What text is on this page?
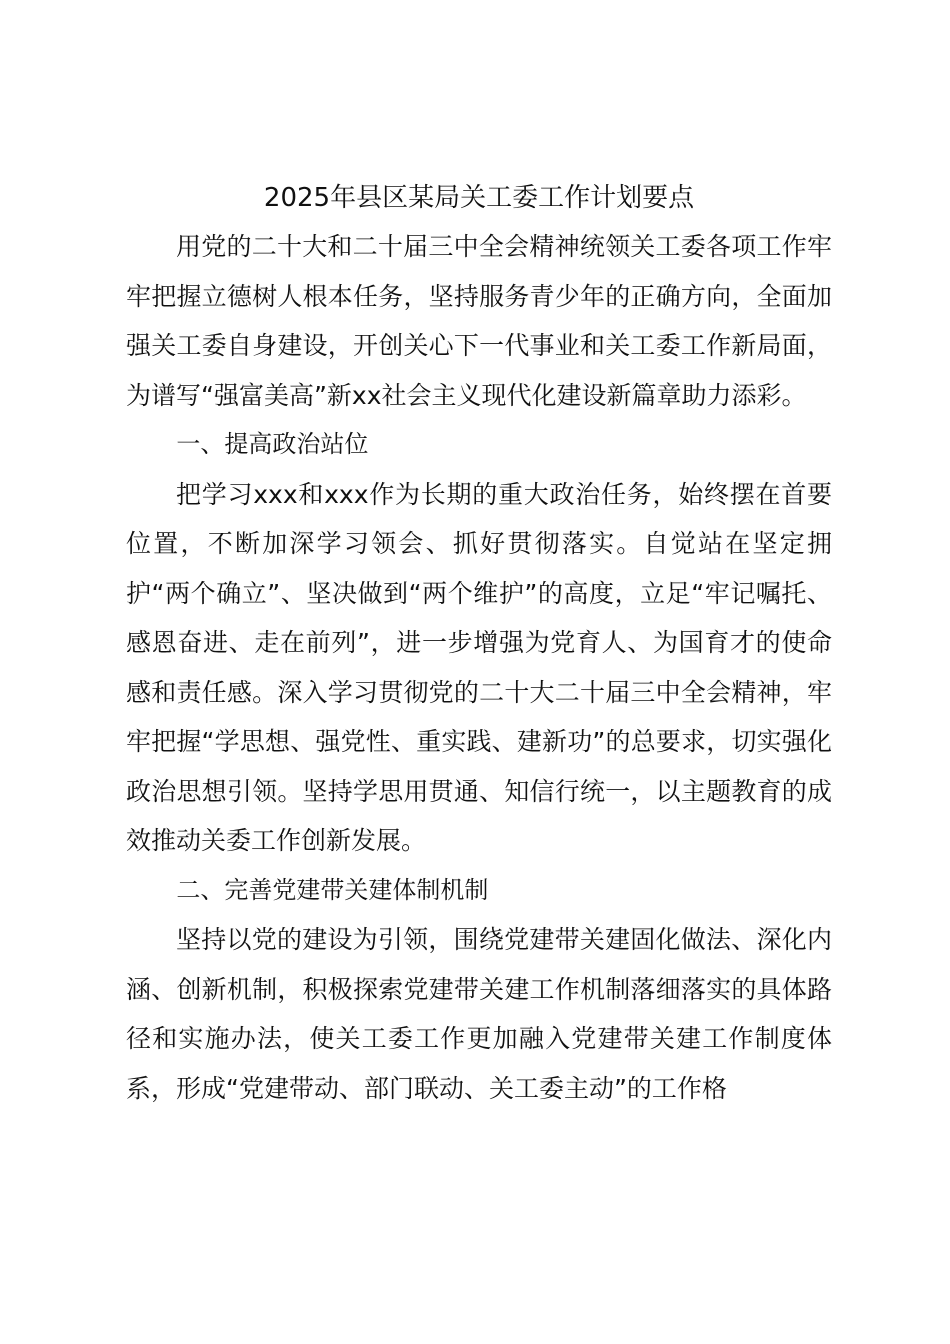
2025年县区某局关工委工作计划要点

用党的二十大和二十届三中全会精神统领关工委各项工作牢牢把握立德树人根本任务，坚持服务青少年的正确方向，全面加强关工委自身建设，开创关心下一代事业和关工委工作新局面，为谱写“强富美高”新xx社会主义现代化建设新篇章助力添彩。

一、提高政治站位

把学习xxx和xxx作为长期的重大政治任务，始终摆在首要位置，不断加深学习领会、抓好贯彻落实。自觉站在坚定拥护“两个确立”、坚决做到“两个维护”的高度，立足“牢记嘱托、感恩奋进、走在前列”，进一步增强为党育人、为国育才的使命感和责任感。深入学习贯彻党的二十大二十届三中全会精神，牢牢把握“学思想、强党性、重实践、建新功”的总要求，切实强化政治思想引领。坚持学思用贯通、知信行统一，以主题教育的成效推动关委工作创新发展。

二、完善党建带关建体制机制

坚持以党的建设为引领，围绕党建带关建固化做法、深化内涵、创新机制，积极探索党建带关建工作机制落细落实的具体路径和实施办法，使关工委工作更加融入党建带关建工作制度体系，形成“党建带动、部门联动、关工委主动”的工作格
